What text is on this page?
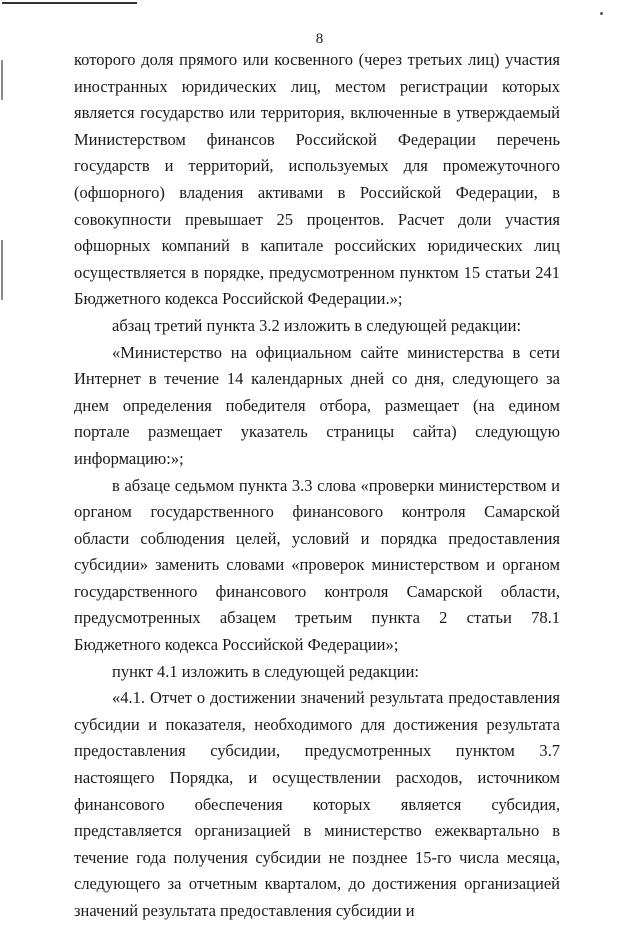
8

которого доля прямого или косвенного (через третьих лиц) участия иностранных юридических лиц, местом регистрации которых является государство или территория, включенные в утверждаемый Министерством финансов Российской Федерации перечень государств и территорий, используемых для промежуточного (офшорного) владения активами в Российской Федерации, в совокупности превышает 25 процентов. Расчет доли участия офшорных компаний в капитале российских юридических лиц осуществляется в порядке, предусмотренном пунктом 15 статьи 241 Бюджетного кодекса Российской Федерации.»;

абзац третий пункта 3.2 изложить в следующей редакции:

«Министерство на официальном сайте министерства в сети Интернет в течение 14 календарных дней со дня, следующего за днем определения победителя отбора, размещает (на едином портале размещает указатель страницы сайта) следующую информацию:»;

в абзаце седьмом пункта 3.3 слова «проверки министерством и органом государственного финансового контроля Самарской области соблюдения целей, условий и порядка предоставления субсидии» заменить словами «проверок министерством и органом государственного финансового контроля Самарской области, предусмотренных абзацем третьим пункта 2 статьи 78.1 Бюджетного кодекса Российской Федерации»;

пункт 4.1 изложить в следующей редакции:

«4.1. Отчет о достижении значений результата предоставления субсидии и показателя, необходимого для достижения результата предоставления субсидии, предусмотренных пунктом 3.7 настоящего Порядка, и осуществлении расходов, источником финансового обеспечения которых является субсидия, представляется организацией в министерство ежеквартально в течение года получения субсидии не позднее 15-го числа месяца, следующего за отчетным кварталом, до достижения организацией значений результата предоставления субсидии и
